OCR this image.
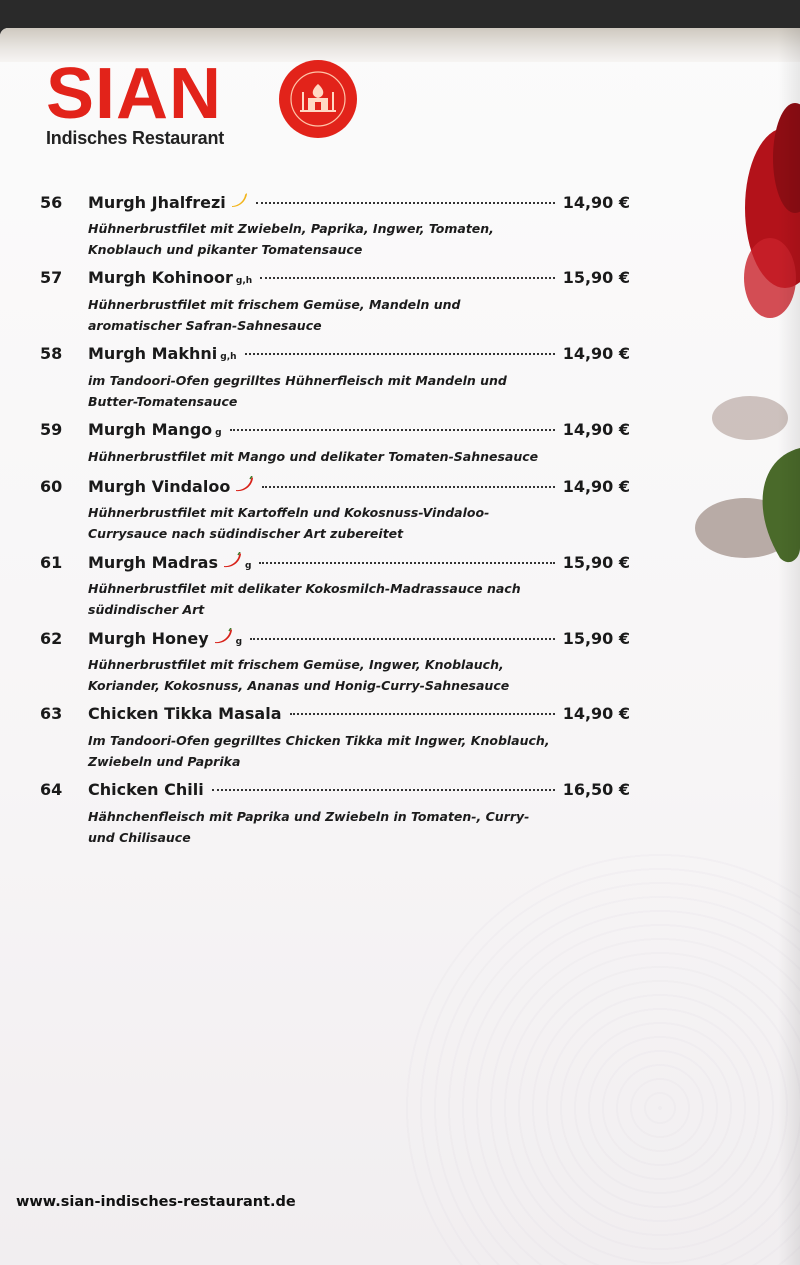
SIAN
Indisches Restaurant
56	Murgh Jhalfrezi	14,90 €
Hühnerbrustfilet mit Zwiebeln, Paprika, Ingwer, Tomaten, Knoblauch und pikanter Tomatensauce
57	Murgh Kohinoor g,h	15,90 €
Hühnerbrustfilet mit frischem Gemüse, Mandeln und aromatischer Safran-Sahnesauce
58	Murgh Makhni g,h	14,90 €
im Tandoori-Ofen gegrilltes Hühnerfleisch mit Mandeln und Butter-Tomatensauce
59	Murgh Mango g	14,90 €
Hühnerbrustfilet mit Mango und delikater Tomaten-Sahnesauce
60	Murgh Vindaloo	14,90 €
Hühnerbrustfilet mit Kartoffeln und Kokosnuss-Vindaloo-Currysauce nach südindischer Art zubereitet
61	Murgh Madras	g	15,90 €
Hühnerbrustfilet mit delikater Kokosmilch-Madrassauce nach südindischer Art
62	Murgh Honey	g	15,90 €
Hühnerbrustfilet mit frischem Gemüse, Ingwer, Knoblauch, Koriander, Kokosnuss, Ananas und Honig-Curry-Sahnesauce
63	Chicken Tikka Masala	14,90 €
Im Tandoori-Ofen gegrilltes Chicken Tikka mit Ingwer, Knoblauch, Zwiebeln und Paprika
64	Chicken Chili	16,50 €
Hähnchenfleisch mit Paprika und Zwiebeln in Tomaten-, Curry- und Chilisauce
www.sian-indisches-restaurant.de
